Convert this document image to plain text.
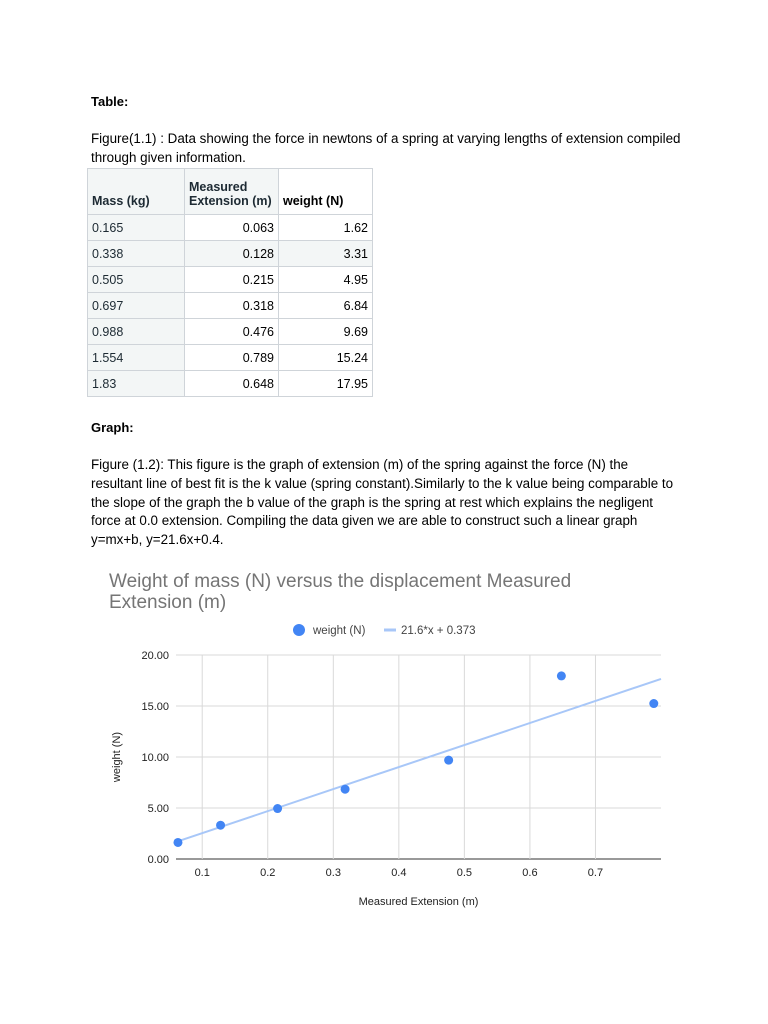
Table:
Figure(1.1) : Data showing the force in newtons of a spring at varying lengths of extension compiled through given information.
Mass (kg)	Measured Extension (m)	weight (N)
0.165	0.063	1.62
0.338	0.128	3.31
0.505	0.215	4.95
0.697	0.318	6.84
0.988	0.476	9.69
1.554	0.789	15.24
1.83	0.648	17.95
Graph:
Figure (1.2): This figure is the graph of extension (m) of the spring against the force (N) the resultant line of best fit is the k value (spring constant).Similarly to the k value being comparable to the slope of the graph the b value of the graph is the spring at rest which explains the negligent force at 0.0 extension. Compiling the data given we are able to construct such a linear graph y=mx+b, y=21.6x+0.4.
Weight of mass (N) versus the displacement Measured Extension (m)
weight (N)	21.6*x + 0.373
0.00
5.00
10.00
15.00
20.00
0.1	0.2	0.3	0.4	0.5	0.6	0.7
Measured Extension (m)
weight (N)
